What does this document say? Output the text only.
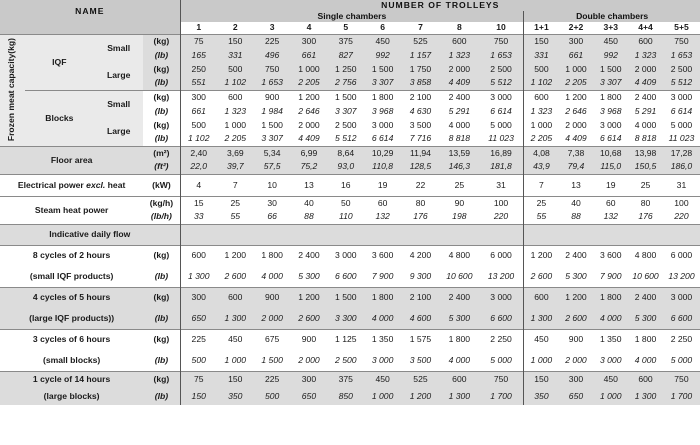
NAME				NUMBER OF TROLLEYS													
				Single chambers									Double chambers				
				1	2	3	4	5	6	7	8	10	1+1	2+2	3+3	4+4	5+5

Frozen meat capacity(kg)	IQF	Small	(kg)	75	150	225	300	375	450	525	600	750	150	300	450	600	750
			(lb)	165	331	496	661	827	992	1 157	1 323	1 653	331	661	992	1 323	1 653
		Large	(kg)	250	500	750	1 000	1 250	1 500	1 750	2 000	2 500	500	1 000	1 500	2 000	2 500
			(lb)	551	1 102	1 653	2 205	2 756	3 307	3 858	4 409	5 512	1 102	2 205	3 307	4 409	5 512
	Blocks	Small	(kg)	300	600	900	1 200	1 500	1 800	2 100	2 400	3 000	600	1 200	1 800	2 400	3 000
			(lb)	661	1 323	1 984	2 646	3 307	3 968	4 630	5 291	6 614	1 323	2 646	3 968	5 291	6 614
		Large	(kg)	500	1 000	1 500	2 000	2 500	3 000	3 500	4 000	5 000	1 000	2 000	3 000	4 000	5 000
			(lb)	1 102	2 205	3 307	4 409	5 512	6 614	7 716	8 818	11 023	2 205	4 409	6 614	8 818	11 023
Floor area			(m²)	2,40	3,69	5,34	6,99	8,64	10,29	11,94	13,59	16,89	4,08	7,38	10,68	13,98	17,28
			(ft²)	22,0	39,7	57,5	75,2	93,0	110,8	128,5	146,3	181,8	43,9	79,4	115,0	150,5	186,0
Electrical power excl. heat			(kW)	4	7	10	13	16	19	22	25	31	7	13	19	25	31
Steam heat power			(kg/h)	15	25	30	40	50	60	80	90	100	25	40	60	80	100
			(lb/h)	33	55	66	88	110	132	176	198	220	55	88	132	176	220
Indicative daily flow																	
8 cycles of 2 hours			(kg)	600	1 200	1 800	2 400	3 000	3 600	4 200	4 800	6 000	1 200	2 400	3 600	4 800	6 000
(small IQF products)			(lb)	1 300	2 600	4 000	5 300	6 600	7 900	9 300	10 600	13 200	2 600	5 300	7 900	10 600	13 200
4 cycles of 5 hours			(kg)	300	600	900	1 200	1 500	1 800	2 100	2 400	3 000	600	1 200	1 800	2 400	3 000
(large IQF products))			(lb)	650	1 300	2 000	2 600	3 300	4 000	4 600	5 300	6 600	1 300	2 600	4 000	5 300	6 600
3 cycles of 6 hours			(kg)	225	450	675	900	1 125	1 350	1 575	1 800	2 250	450	900	1 350	1 800	2 250
(small blocks)			(lb)	500	1 000	1 500	2 000	2 500	3 000	3 500	4 000	5 000	1 000	2 000	3 000	4 000	5 000
1 cycle of 14 hours			(kg)	75	150	225	300	375	450	525	600	750	150	300	450	600	750
(large blocks)			(lb)	150	350	500	650	850	1 000	1 200	1 300	1 700	350	650	1 000	1 300	1 700
